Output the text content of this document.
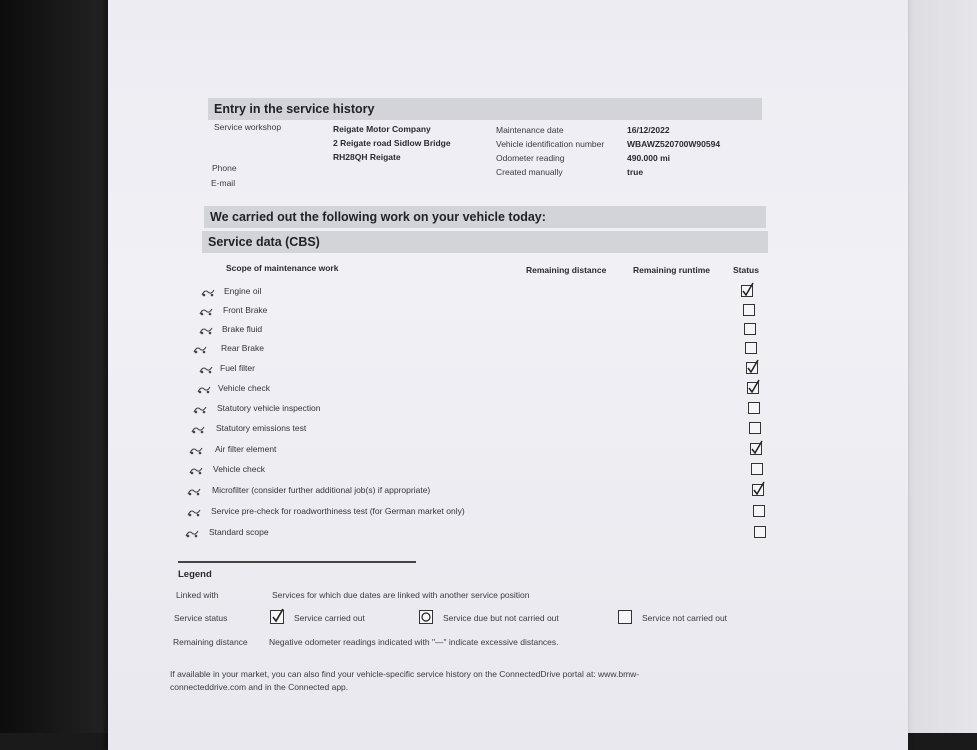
Entry in the service history
Service workshop	Reigate Motor Company
2 Reigate road Sidlow Bridge
RH28QH Reigate
Phone
E-mail
Maintenance date	16/12/2022
Vehicle identification number	WBAWZ520700W90594
Odometer reading	490.000 mi
Created manually	true
We carried out the following work on your vehicle today:
Service data (CBS)
Scope of maintenance work	Remaining distance	Remaining runtime	Status
Engine oil
Front Brake
Brake fluid
Rear Brake
Fuel filter
Vehicle check
Statutory vehicle inspection
Statutory emissions test
Air filter element
Vehicle check
Microfilter (consider further additional job(s) if appropriate)
Service pre-check for roadworthiness test (for German market only)
Standard scope
Legend
Linked with	Services for which due dates are linked with another service position
Service status	Service carried out	Service due but not carried out	Service not carried out
Remaining distance	Negative odometer readings indicated with "—" indicate excessive distances.
If available in your market, you can also find your vehicle-specific service history on the ConnectedDrive portal at: www.bmw-
connecteddrive.com and in the Connected app.
